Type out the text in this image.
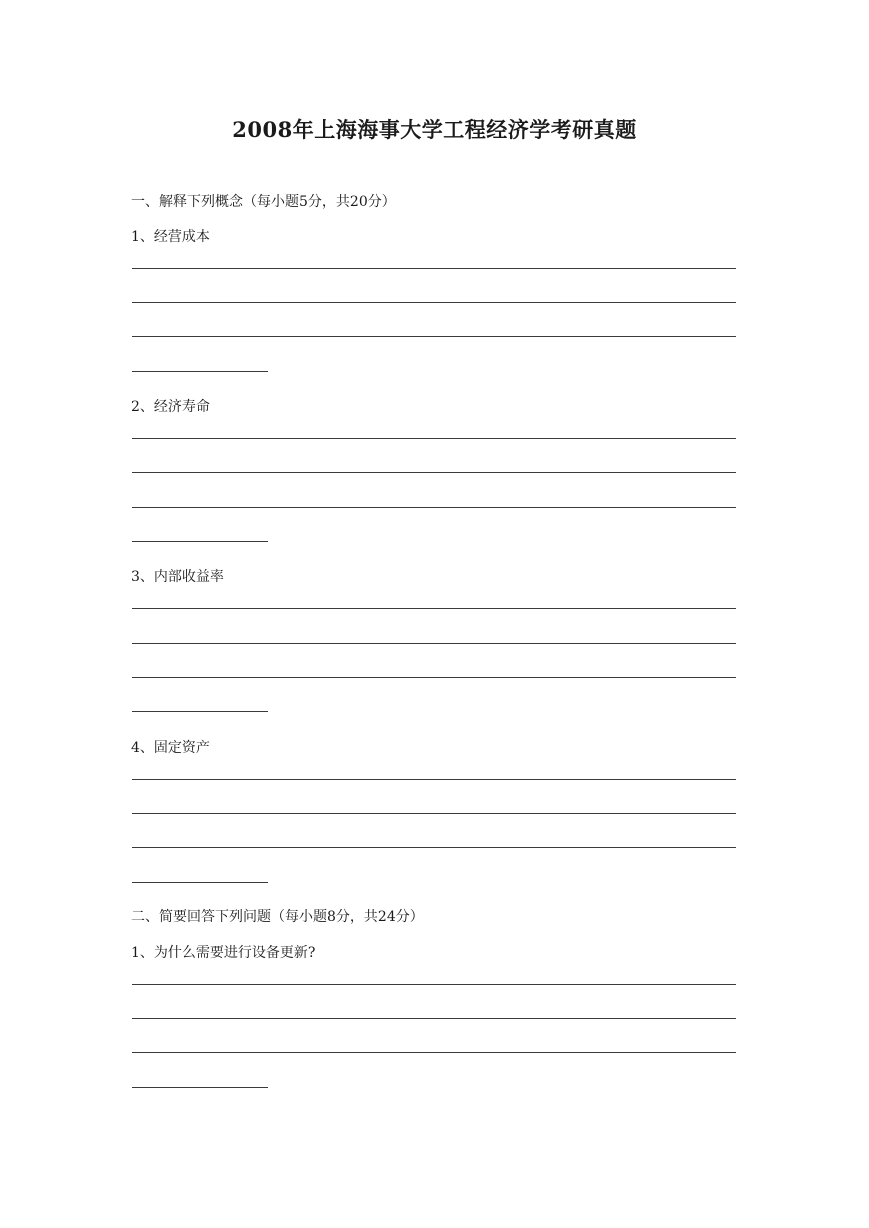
2008年上海海事大学工程经济学考研真题
一、解释下列概念（每小题5分，共20分）
1、经营成本
2、经济寿命
3、内部收益率
4、固定资产
二、简要回答下列问题（每小题8分，共24分）
1、为什么需要进行设备更新?
